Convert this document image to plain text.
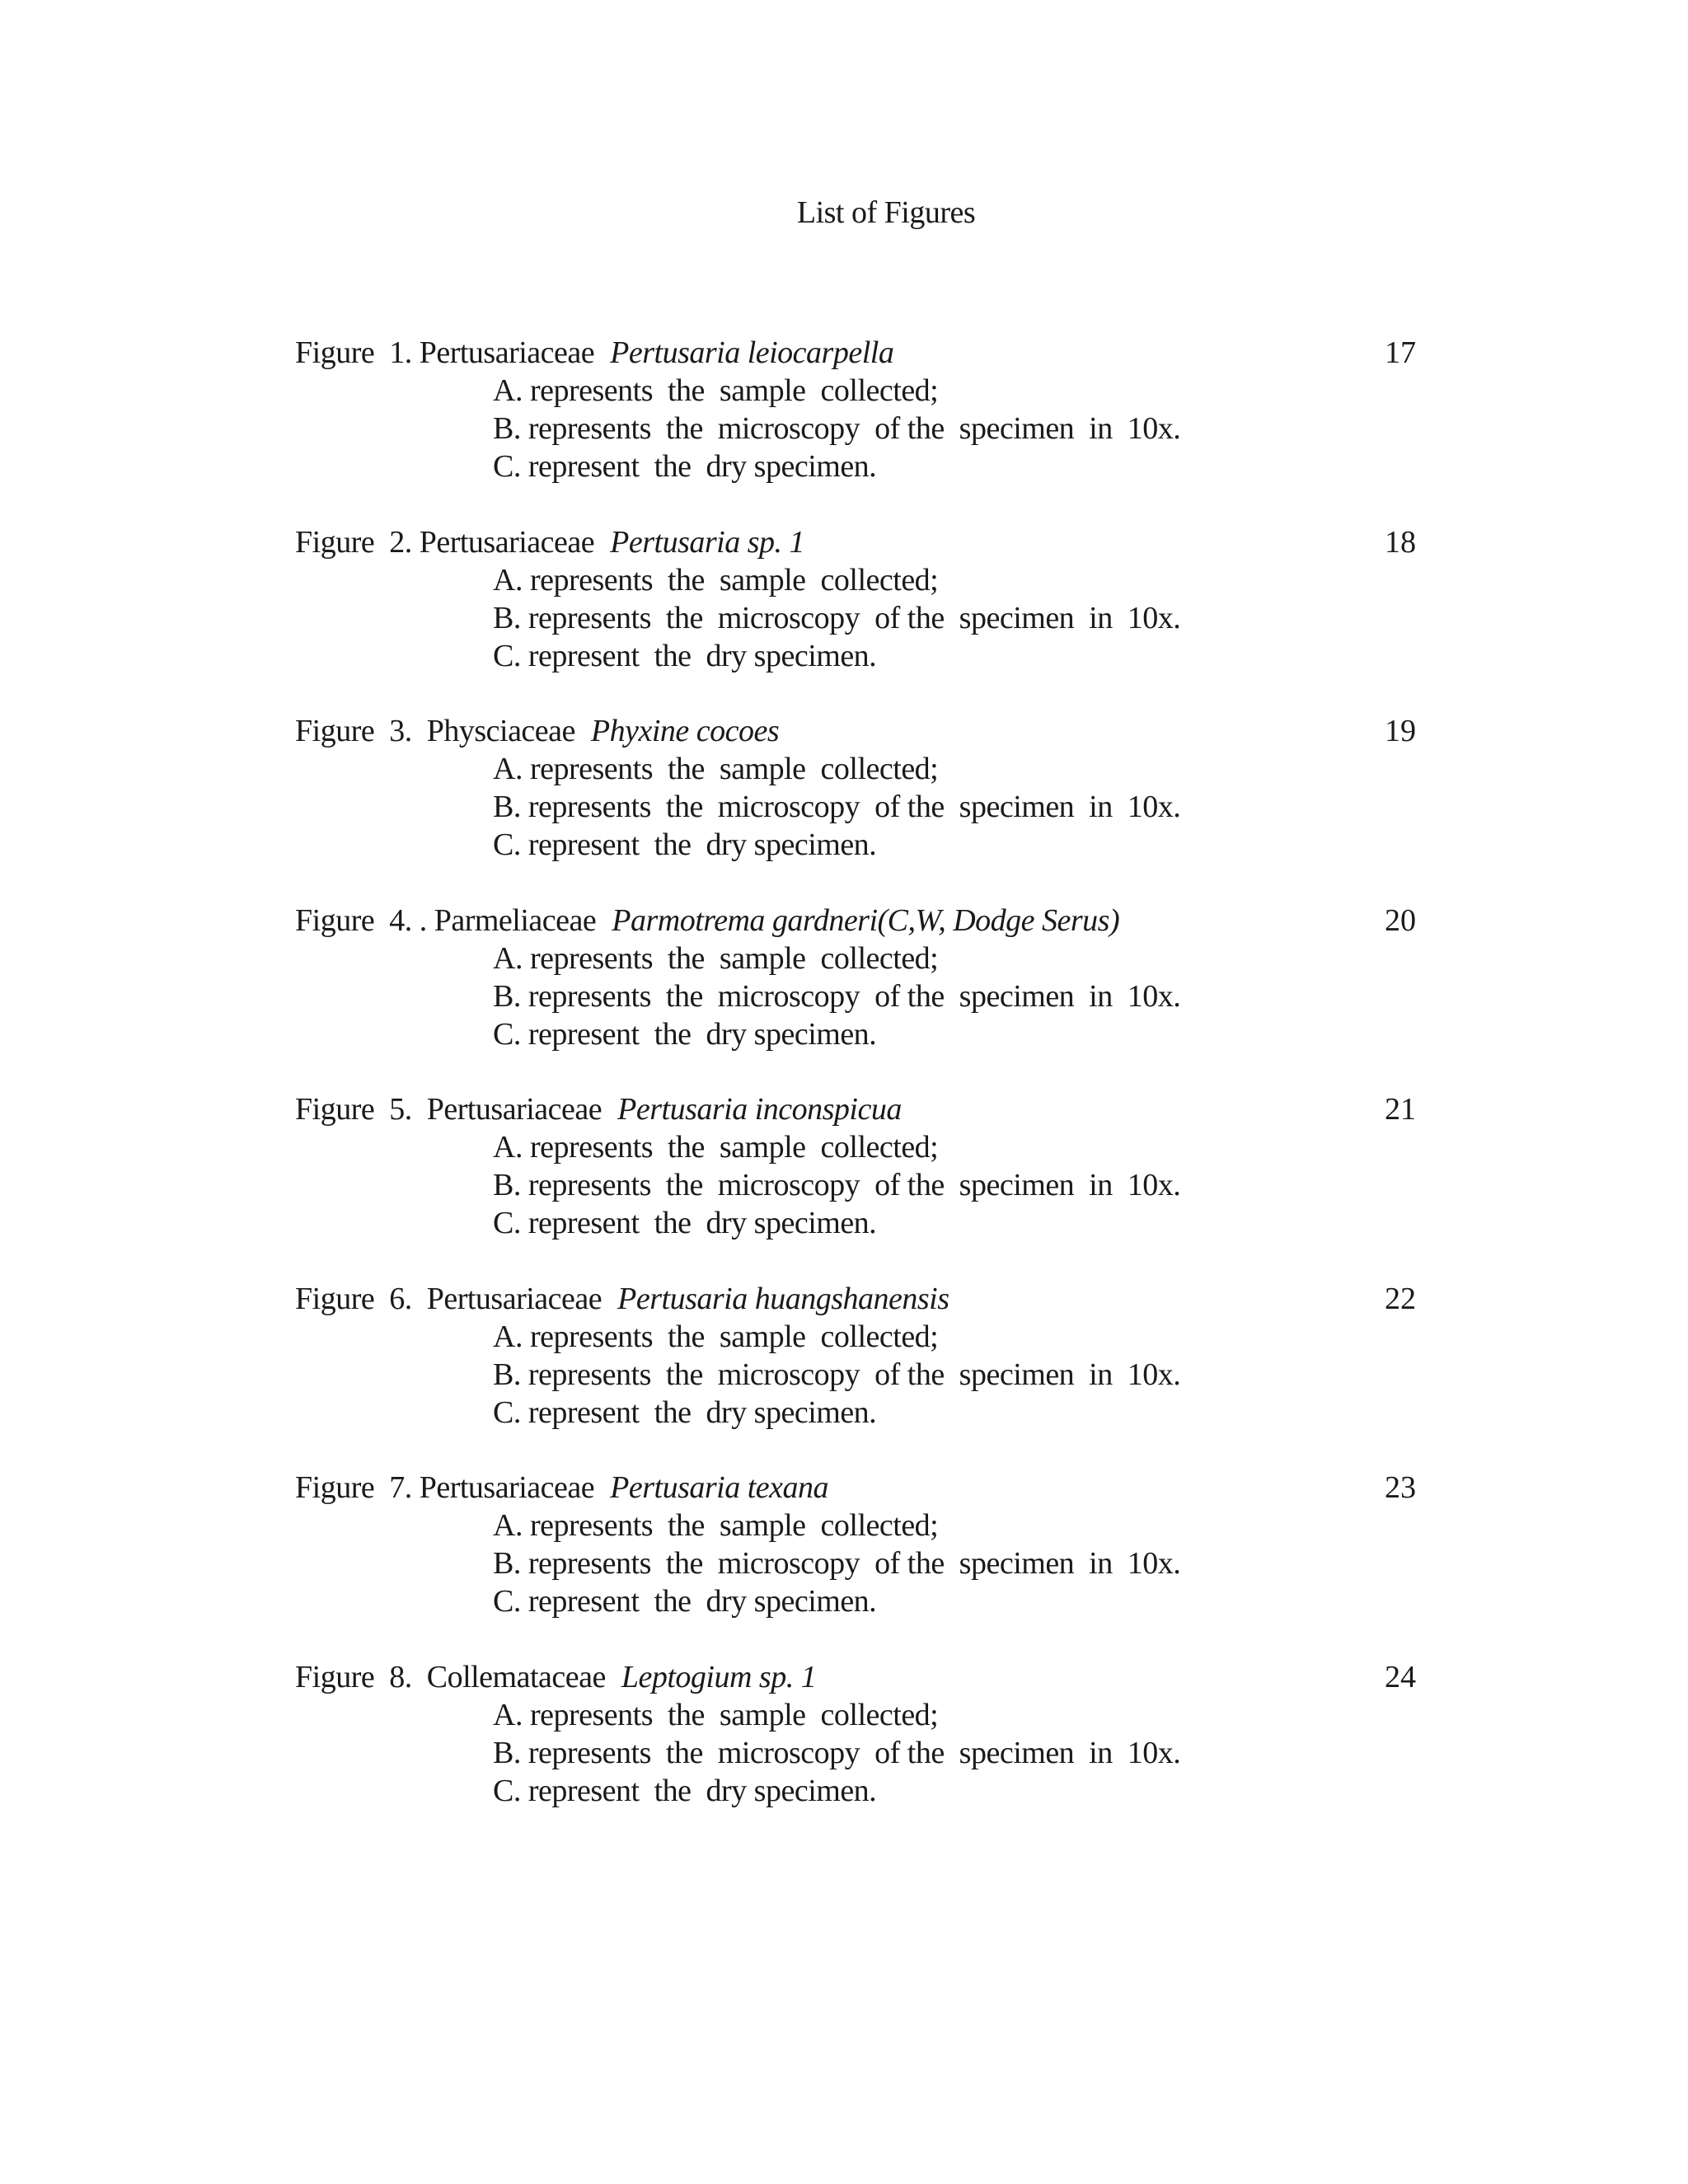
List of Figures
Figure  1. Pertusariaceae Pertusaria leiocarpella	17
A. represents  the  sample  collected;
B. represents  the  microscopy  of the  specimen  in  10x.
C. represent  the  dry specimen.
Figure  2. Pertusariaceae Pertusaria sp. 1	18
A. represents  the  sample  collected;
B. represents  the  microscopy  of the  specimen  in  10x.
C. represent  the  dry specimen.
Figure  3.  Physciaceae Phyxine cocoes	19
A. represents  the  sample  collected;
B. represents  the  microscopy  of the  specimen  in  10x.
C. represent  the  dry specimen.
Figure  4. . Parmeliaceae Parmotrema gardneri(C,W, Dodge Serus)	20
A. represents  the  sample  collected;
B. represents  the  microscopy  of the  specimen  in  10x.
C. represent  the  dry specimen.
Figure  5.  Pertusariaceae Pertusaria inconspicua	21
A. represents  the  sample  collected;
B. represents  the  microscopy  of the  specimen  in  10x.
C. represent  the  dry specimen.
Figure  6.  Pertusariaceae Pertusaria huangshanensis	22
A. represents  the  sample  collected;
B. represents  the  microscopy  of the  specimen  in  10x.
C. represent  the  dry specimen.
Figure  7. Pertusariaceae Pertusaria texana	23
A. represents  the  sample  collected;
B. represents  the  microscopy  of the  specimen  in  10x.
C. represent  the  dry specimen.
Figure  8.  Collemataceae Leptogium sp. 1	24
A. represents  the  sample  collected;
B. represents  the  microscopy  of the  specimen  in  10x.
C. represent  the  dry specimen.
